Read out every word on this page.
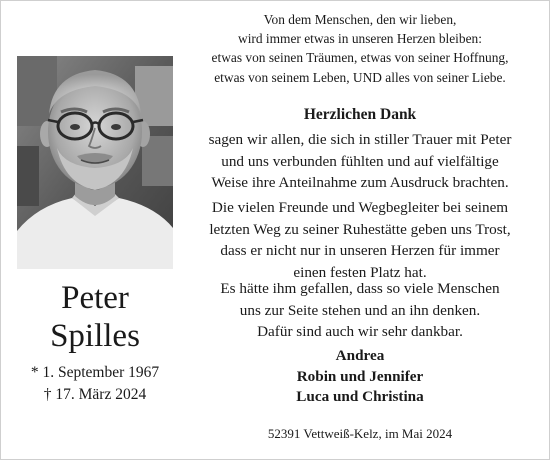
Peter
Spilles
* 1. September 1967
† 17. März 2024
Von dem Menschen, den wir lieben,
wird immer etwas in unseren Herzen bleiben:
etwas von seinen Träumen, etwas von seiner Hoffnung,
etwas von seinem Leben, UND alles von seiner Liebe.
Herzlichen Dank
sagen wir allen, die sich in stiller Trauer mit Peter
und uns verbunden fühlten und auf vielfältige
Weise ihre Anteilnahme zum Ausdruck brachten.
Die vielen Freunde und Wegbegleiter bei seinem
letzten Weg zu seiner Ruhestätte geben uns Trost,
dass er nicht nur in unseren Herzen für immer
einen festen Platz hat.
Es hätte ihm gefallen, dass so viele Menschen
uns zur Seite stehen und an ihn denken.
Dafür sind auch wir sehr dankbar.
Andrea
Robin und Jennifer
Luca und Christina
52391 Vettweiß-Kelz, im Mai 2024
